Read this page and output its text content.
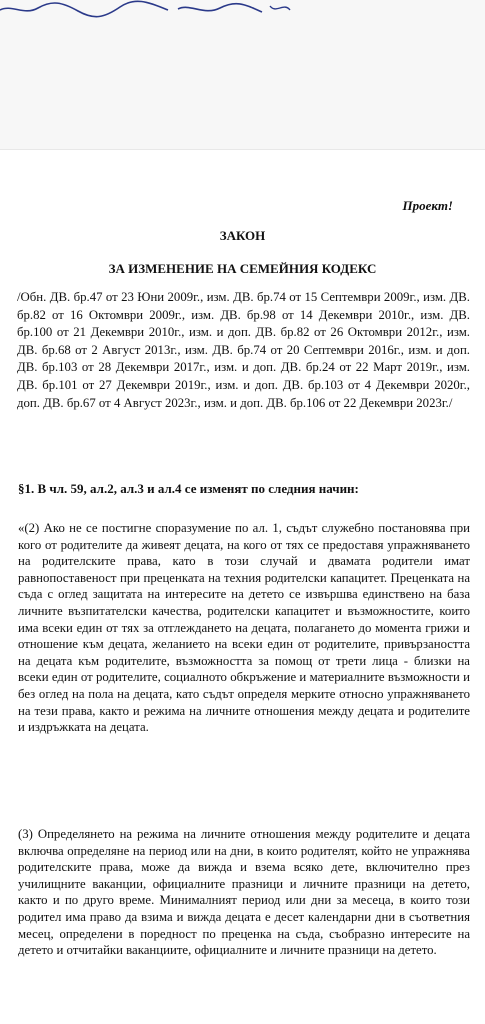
Проект!
ЗАКОН
ЗА ИЗМЕНЕНИЕ НА СЕМЕЙНИЯ КОДЕКС
/Обн. ДВ. бр.47 от 23 Юни 2009г., изм. ДВ. бр.74 от 15 Септември 2009г., изм. ДВ. бр.82 от 16 Октомври 2009г., изм. ДВ. бр.98 от 14 Декември 2010г., изм. ДВ. бр.100 от 21 Декември 2010г., изм. и доп. ДВ. бр.82 от 26 Октомври 2012г., изм. ДВ. бр.68 от 2 Август 2013г., изм. ДВ. бр.74 от 20 Септември 2016г., изм. и доп. ДВ. бр.103 от 28 Декември 2017г., изм. и доп. ДВ. бр.24 от 22 Март 2019г., изм. ДВ. бр.101 от 27 Декември 2019г., изм. и доп. ДВ. бр.103 от 4 Декември 2020г., доп. ДВ. бр.67 от 4 Август 2023г., изм. и доп. ДВ. бр.106 от 22 Декември 2023г./
§1. В чл. 59, ал.2, ал.3 и ал.4 се изменят по следния начин:
«(2) Ако не се постигне споразумение по ал. 1, съдът служебно постановява при кого от родителите да живеят децата, на кого от тях се предоставя упражняването на родителските права, като в този случай и двамата родители имат равнопоставеност при преценката на техния родителски капацитет. Преценката на съда с оглед защитата на интересите на детето се извършва единствено на база личните възпитателски качества, родителски капацитет и възможностите, които има всеки един от тях за отглеждането на децата, полагането до момента грижи и отношение към децата, желанието на всеки един от родителите, привързаността на децата към родителите, възможността за помощ от трети лица - близки на всеки един от родителите, социалното обкръжение и материалните възможности и без оглед на пола на децата, като съдът определя мерките относно упражняването на тези права, както и режима на личните отношения между децата и родителите и издръжката на децата.
(3) Определянето на режима на личните отношения между родителите и децата включва определяне на период или на дни, в които родителят, който не упражнява родителските права, може да вижда и взема всяко дете, включително през училищните ваканции, официалните празници и личните празници на детето, както и по друго време. Минималният период или дни за месеца, в които този родител има право да взима и вижда децата е десет календарни дни в съответния месец, определени в поредност по преценка на съда, съобразно интересите на детето и отчитайки ваканциите, официалните и личните празници на детето.
